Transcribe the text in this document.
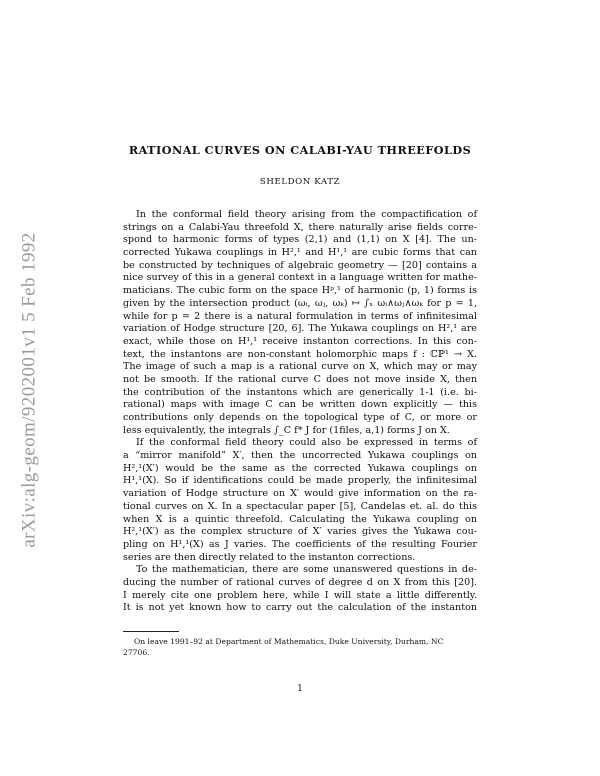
arXiv:alg-geom/9202001v1 5 Feb 1992
RATIONAL CURVES ON CALABI-YAU THREEFOLDS
SHELDON KATZ
In the conformal field theory arising from the compactification of
strings on a Calabi-Yau threefold X, there naturally arise fields corre-
spond to harmonic forms of types (2,1) and (1,1) on X [4]. The un-
corrected Yukawa couplings in H²,¹ and H¹,¹ are cubic forms that can
be constructed by techniques of algebraic geometry — [20] contains a
nice survey of this in a general context in a language written for mathe-
maticians. The cubic form on the space Hᵖ,¹ of harmonic (p, 1) forms is
given by the intersection product (ωᵢ, ωⱼ, ωₖ) ↦ ∫ₓ ωᵢ∧ωⱼ∧ωₖ for p = 1,
while for p = 2 there is a natural formulation in terms of infinitesimal
variation of Hodge structure [20, 6]. The Yukawa couplings on H²,¹ are
exact, while those on H¹,¹ receive instanton corrections. In this con-
text, the instantons are non-constant holomorphic maps f : ℂℙ¹ → X.
The image of such a map is a rational curve on X, which may or may
not be smooth. If the rational curve C does not move inside X, then
the contribution of the instantons which are generically 1-1 (i.e. bi-
rational) maps with image C can be written down explicitly — this
contributions only depends on the topological type of C, or more or
less equivalently, the integrals ∫_C f* J for (1files, a,1) forms J on X.
If the conformal field theory could also be expressed in terms of
a “mirror manifold” X′, then the uncorrected Yukawa couplings on
H²,¹(X′) would be the same as the corrected Yukawa couplings on
H¹,¹(X). So if identifications could be made properly, the infinitesimal
variation of Hodge structure on X′ would give information on the ra-
tional curves on X. In a spectacular paper [5], Candelas et. al. do this
when X is a quintic threefold. Calculating the Yukawa coupling on
H²,¹(X′) as the complex structure of X′ varies gives the Yukawa cou-
pling on H¹,¹(X) as J varies. The coefficients of the resulting Fourier
series are then directly related to the instanton corrections.
To the mathematician, there are some unanswered questions in de-
ducing the number of rational curves of degree d on X from this [20].
I merely cite one problem here, while I will state a little differently.
It is not yet known how to carry out the calculation of the instanton
On leave 1991–92 at Department of Mathematics, Duke University, Durham, NC
27706.
1
